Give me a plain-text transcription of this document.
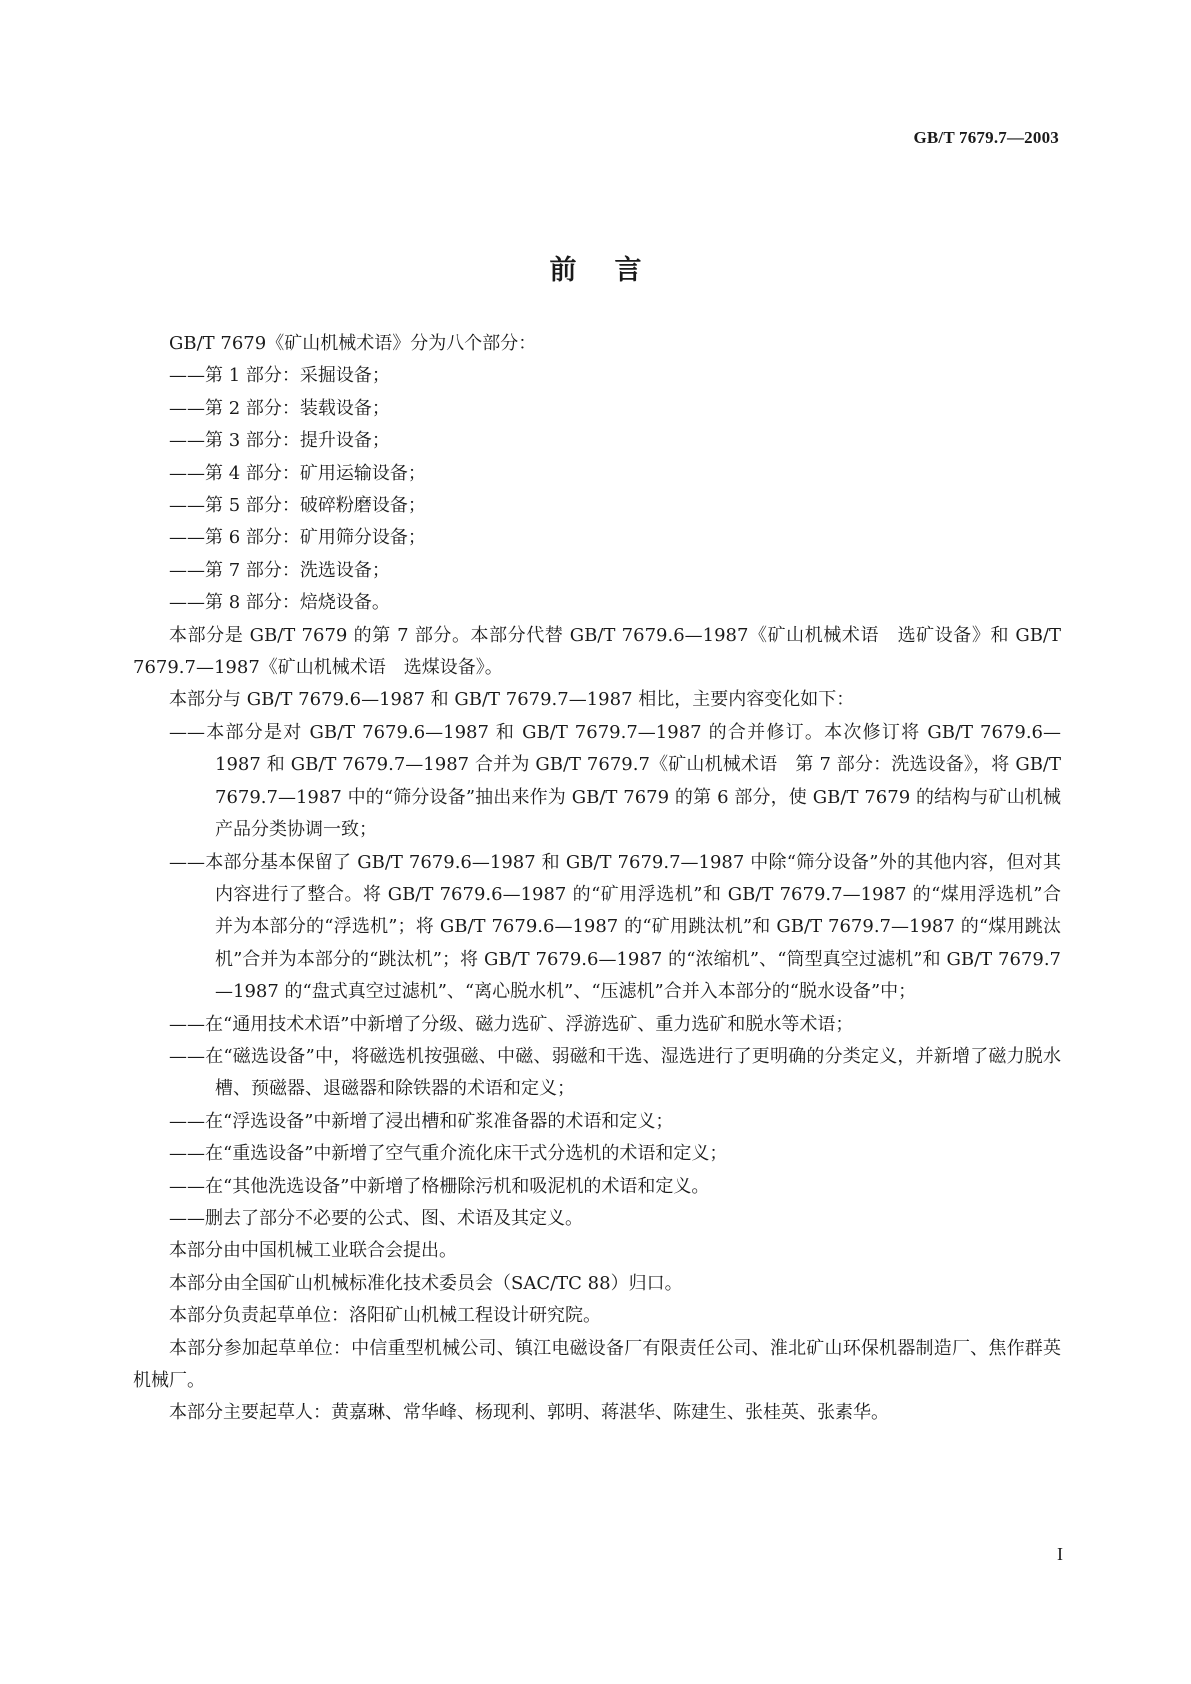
GB/T 7679.7—2003
前言

GB/T 7679《矿山机械术语》分为八个部分：

——第 1 部分：采掘设备；

——第 2 部分：装载设备；

——第 3 部分：提升设备；

——第 4 部分：矿用运输设备；

——第 5 部分：破碎粉磨设备；

——第 6 部分：矿用筛分设备；

——第 7 部分：洗选设备；

——第 8 部分：焙烧设备。

本部分是 GB/T 7679 的第 7 部分。本部分代替 GB/T 7679.6—1987《矿山机械术语　选矿设备》和 GB/T 7679.7—1987《矿山机械术语　选煤设备》。

本部分与 GB/T 7679.6—1987 和 GB/T 7679.7—1987 相比，主要内容变化如下：

——本部分是对 GB/T 7679.6—1987 和 GB/T 7679.7—1987 的合并修订。本次修订将 GB/T 7679.6—1987 和 GB/T 7679.7—1987 合并为 GB/T 7679.7《矿山机械术语　第 7 部分：洗选设备》，将 GB/T 7679.7—1987 中的“筛分设备”抽出来作为 GB/T 7679 的第 6 部分，使 GB/T 7679 的结构与矿山机械产品分类协调一致；

——本部分基本保留了 GB/T 7679.6—1987 和 GB/T 7679.7—1987 中除“筛分设备”外的其他内容，但对其内容进行了整合。将 GB/T 7679.6—1987 的“矿用浮选机”和 GB/T 7679.7—1987 的“煤用浮选机”合并为本部分的“浮选机”；将 GB/T 7679.6—1987 的“矿用跳汰机”和 GB/T 7679.7—1987 的“煤用跳汰机”合并为本部分的“跳汰机”；将 GB/T 7679.6—1987 的“浓缩机”、“筒型真空过滤机”和 GB/T 7679.7—1987 的“盘式真空过滤机”、“离心脱水机”、“压滤机”合并入本部分的“脱水设备”中；

——在“通用技术术语”中新增了分级、磁力选矿、浮游选矿、重力选矿和脱水等术语；

——在“磁选设备”中，将磁选机按强磁、中磁、弱磁和干选、湿选进行了更明确的分类定义，并新增了磁力脱水槽、预磁器、退磁器和除铁器的术语和定义；

——在“浮选设备”中新增了浸出槽和矿浆准备器的术语和定义；

——在“重选设备”中新增了空气重介流化床干式分选机的术语和定义；

——在“其他洗选设备”中新增了格栅除污机和吸泥机的术语和定义。

——删去了部分不必要的公式、图、术语及其定义。

本部分由中国机械工业联合会提出。

本部分由全国矿山机械标准化技术委员会（SAC/TC 88）归口。

本部分负责起草单位：洛阳矿山机械工程设计研究院。

本部分参加起草单位：中信重型机械公司、镇江电磁设备厂有限责任公司、淮北矿山环保机器制造厂、焦作群英机械厂。

本部分主要起草人：黄嘉琳、常华峰、杨现利、郭明、蒋湛华、陈建生、张桂英、张素华。

I
